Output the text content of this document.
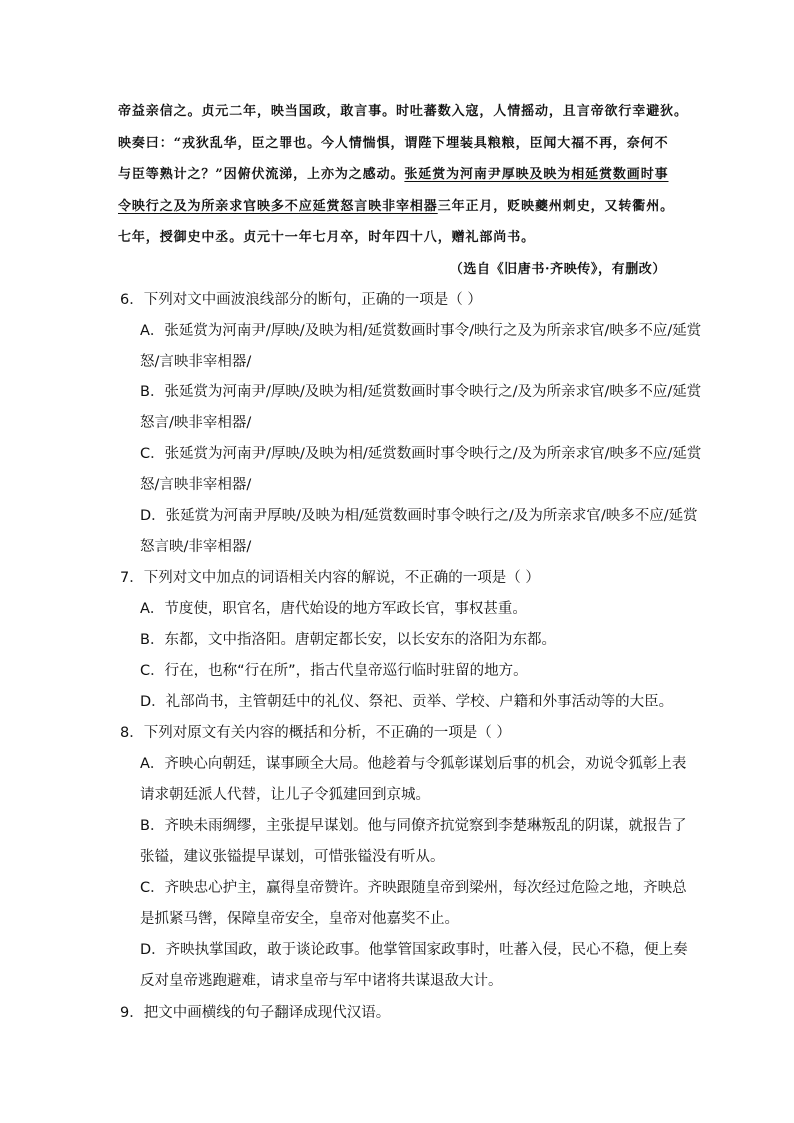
帝益亲信之。贞元二年，映当国政，敢言事。时吐蕃数入寇，人情摇动，且言帝欲行幸避狄。
映奏曰：“戎狄乱华，臣之罪也。今人情惴惧，谓陛下埋装具粮粮，臣闻大福不再，奈何不
与臣等熟计之？”因俯伏流涕，上亦为之感动。张延赏为河南尹厚映及映为相延赏数画时事
令映行之及为所亲求官映多不应延赏怒言映非宰相器三年正月，贬映夔州刺史，又转衢州。
七年，授御史中丞。贞元十一年七月卒，时年四十八，赠礼部尚书。
（选自《旧唐书·齐映传》，有删改）
6．下列对文中画波浪线部分的断句，正确的一项是（ ）
A．张延赏为河南尹/厚映/及映为相/延赏数画时事令/映行之及为所亲求官/映多不应/延赏
怒/言映非宰相器/
B．张延赏为河南尹/厚映/及映为相/延赏数画时事令映行之/及为所亲求官/映多不应/延赏
怒言/映非宰相器/
C．张延赏为河南尹/厚映/及映为相/延赏数画时事令映行之/及为所亲求官/映多不应/延赏
怒/言映非宰相器/
D．张延赏为河南尹厚映/及映为相/延赏数画时事令映行之/及为所亲求官/映多不应/延赏
怒言映/非宰相器/
7．下列对文中加点的词语相关内容的解说，不正确的一项是（ ）
A．节度使，职官名，唐代始设的地方军政长官，事权甚重。
B．东都，文中指洛阳。唐朝定都长安，以长安东的洛阳为东都。
C．行在，也称“行在所”，指古代皇帝巡行临时驻留的地方。
D．礼部尚书，主管朝廷中的礼仪、祭祀、贡举、学校、户籍和外事活动等的大臣。
8．下列对原文有关内容的概括和分析，不正确的一项是（ ）
A．齐映心向朝廷，谋事顾全大局。他趁着与令狐彰谋划后事的机会，劝说令狐彰上表
请求朝廷派人代替，让儿子令狐建回到京城。
B．齐映未雨绸缪，主张提早谋划。他与同僚齐抗觉察到李楚琳叛乱的阴谋，就报告了
张镒，建议张镒提早谋划，可惜张镒没有听从。
C．齐映忠心护主，赢得皇帝赞许。齐映跟随皇帝到梁州，每次经过危险之地，齐映总
是抓紧马辔，保障皇帝安全，皇帝对他嘉奖不止。
D．齐映执掌国政，敢于谈论政事。他掌管国家政事时，吐蕃入侵，民心不稳，便上奏
反对皇帝逃跑避难，请求皇帝与军中诸将共谋退敌大计。
9．把文中画横线的句子翻译成现代汉语。
